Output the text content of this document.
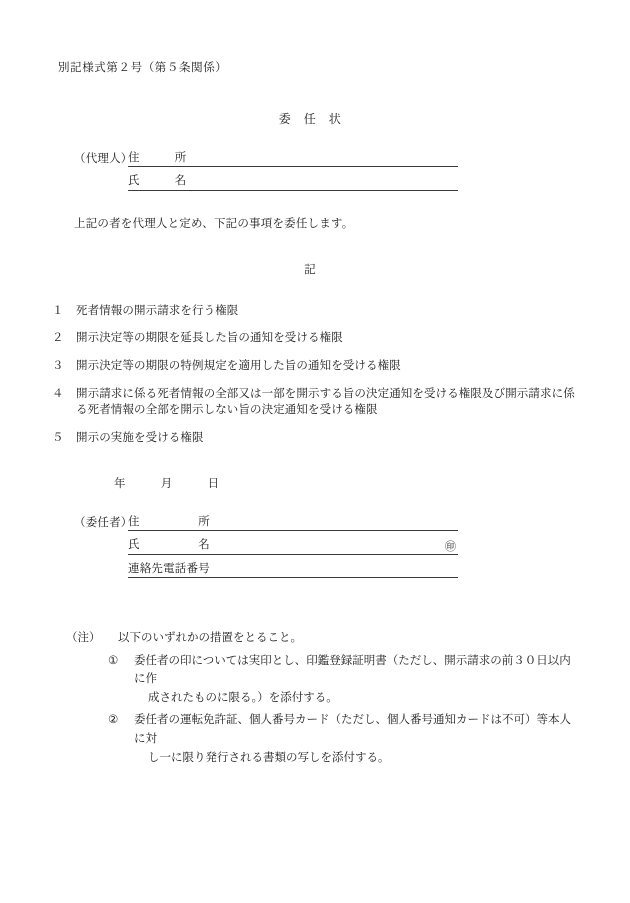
別記様式第２号（第５条関係）
委　任　状
（代理人）
住　　　所
氏　　　名
上記の者を代理人と定め、下記の事項を委任します。
記
１	死者情報の開示請求を行う権限
２	開示決定等の期限を延長した旨の通知を受ける権限
３	開示決定等の期限の特例規定を適用した旨の通知を受ける権限
４	開示請求に係る死者情報の全部又は一部を開示する旨の決定通知を受ける権限及び開示請求に係る死者情報の全部を開示しない旨の決定通知を受ける権限
５	開示の実施を受ける権限
年　　　月　　　日
（委任者）
住　　　　　所
氏　　　　　名	㊞
連絡先電話番号
（注）	以下のいずれかの措置をとること。
①	委任者の印については実印とし、印鑑登録証明書（ただし、開示請求の前３０日以内に作
成されたものに限る。）を添付する。
②	委任者の運転免許証、個人番号カード（ただし、個人番号通知カードは不可）等本人に対
し一に限り発行される書類の写しを添付する。
